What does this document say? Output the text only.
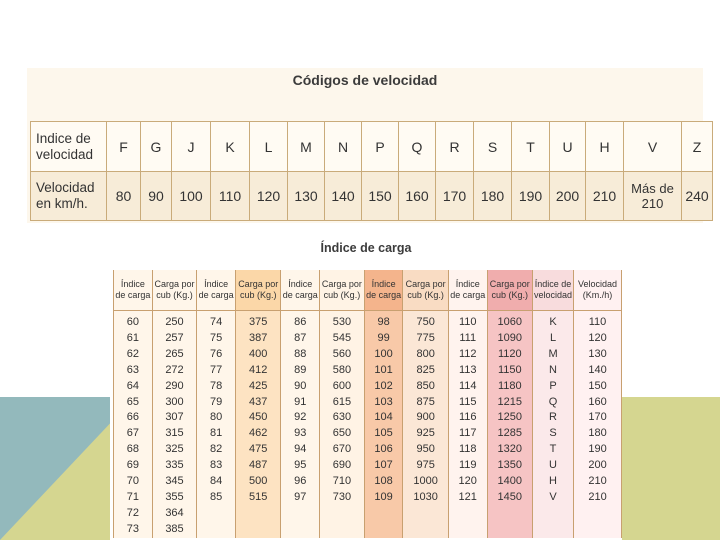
Códigos de velocidad
Indice de velocidad	F	G	J	K	L	M	N	P	Q	R	S	T	U	H	V	Z
Velocidad en km/h.	80	90	100	110	120	130	140	150	160	170	180	190	200	210	Más de 210	240
Índice de carga
Índice de carga	Carga por cub (Kg.)	Índice de carga	Carga por cub (Kg.)	Índice de carga	Carga por cub (Kg.)	Índice de carga	Carga por cub (Kg.)	Índice de carga	Carga por cub (Kg.)	Índice de velocidad	Velocidad (Km./h)
60	250	74	375	86	530	98	750	110	1060	K	110
61	257	75	387	87	545	99	775	111	1090	L	120
62	265	76	400	88	560	100	800	112	1120	M	130
63	272	77	412	89	580	101	825	113	1150	N	140
64	290	78	425	90	600	102	850	114	1180	P	150
65	300	79	437	91	615	103	875	115	1215	Q	160
66	307	80	450	92	630	104	900	116	1250	R	170
67	315	81	462	93	650	105	925	117	1285	S	180
68	325	82	475	94	670	106	950	118	1320	T	190
69	335	83	487	95	690	107	975	119	1350	U	200
70	345	84	500	96	710	108	1000	120	1400	H	210
71	355	85	515	97	730	109	1030	121	1450	V	210
72	364										
73	385										
